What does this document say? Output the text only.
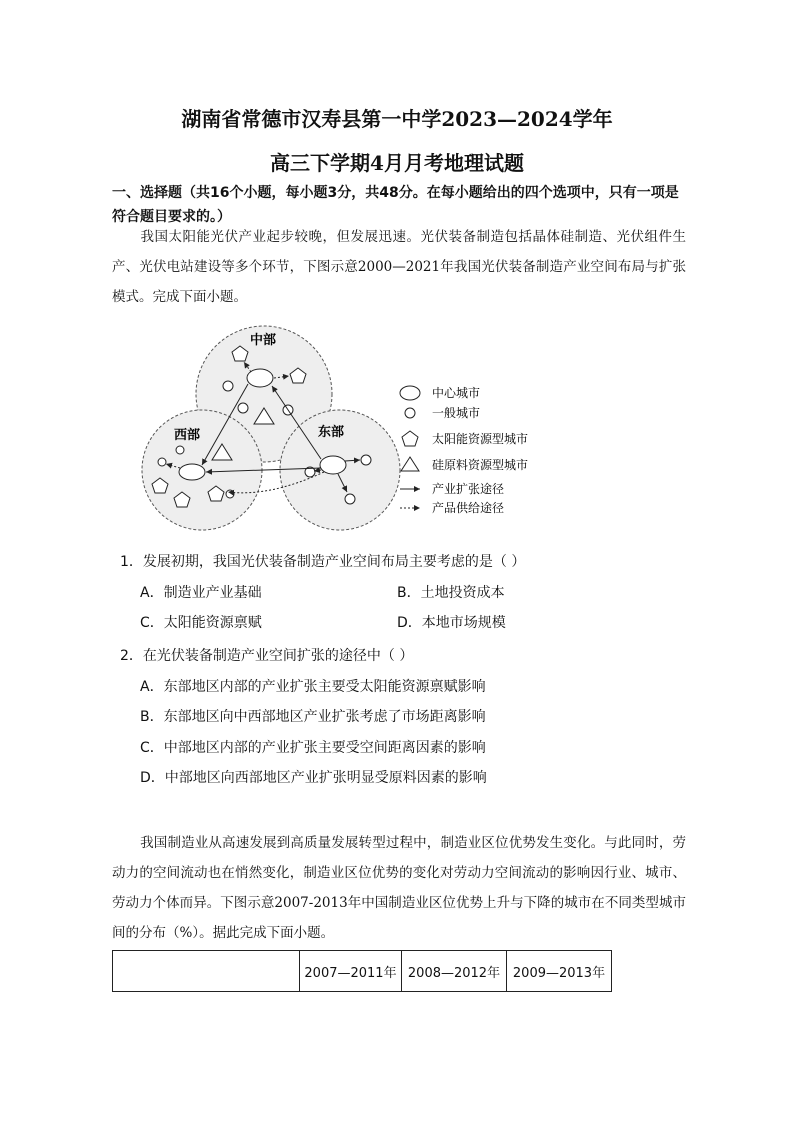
湖南省常德市汉寿县第一中学2023—2024学年
高三下学期4月月考地理试题
一、选择题（共16个小题，每小题3分，共48分。在每小题给出的四个选项中，只有一项是符合题目要求的。）
我国太阳能光伏产业起步较晚，但发展迅速。光伏装备制造包括晶体硅制造、光伏组件生产、光伏电站建设等多个环节，下图示意2000—2021年我国光伏装备制造产业空间布局与扩张模式。完成下面小题。
中部
西部	东部
中心城市
一般城市
太阳能资源型城市
硅原料资源型城市
产业扩张途径
产品供给途径
1．发展初期，我国光伏装备制造产业空间布局主要考虑的是（ ）
A．制造业产业基础	B．土地投资成本
C．太阳能资源禀赋	D．本地市场规模
2．在光伏装备制造产业空间扩张的途径中（ ）
A．东部地区内部的产业扩张主要受太阳能资源禀赋影响
B．东部地区向中西部地区产业扩张考虑了市场距离影响
C．中部地区内部的产业扩张主要受空间距离因素的影响
D．中部地区向西部地区产业扩张明显受原料因素的影响
我国制造业从高速发展到高质量发展转型过程中，制造业区位优势发生变化。与此同时，劳动力的空间流动也在悄然变化，制造业区位优势的变化对劳动力空间流动的影响因行业、城市、劳动力个体而异。下图示意2007-2013年中国制造业区位优势上升与下降的城市在不同类型城市间的分布（%）。据此完成下面小题。
	2007—2011年	2008—2012年	2009—2013年
